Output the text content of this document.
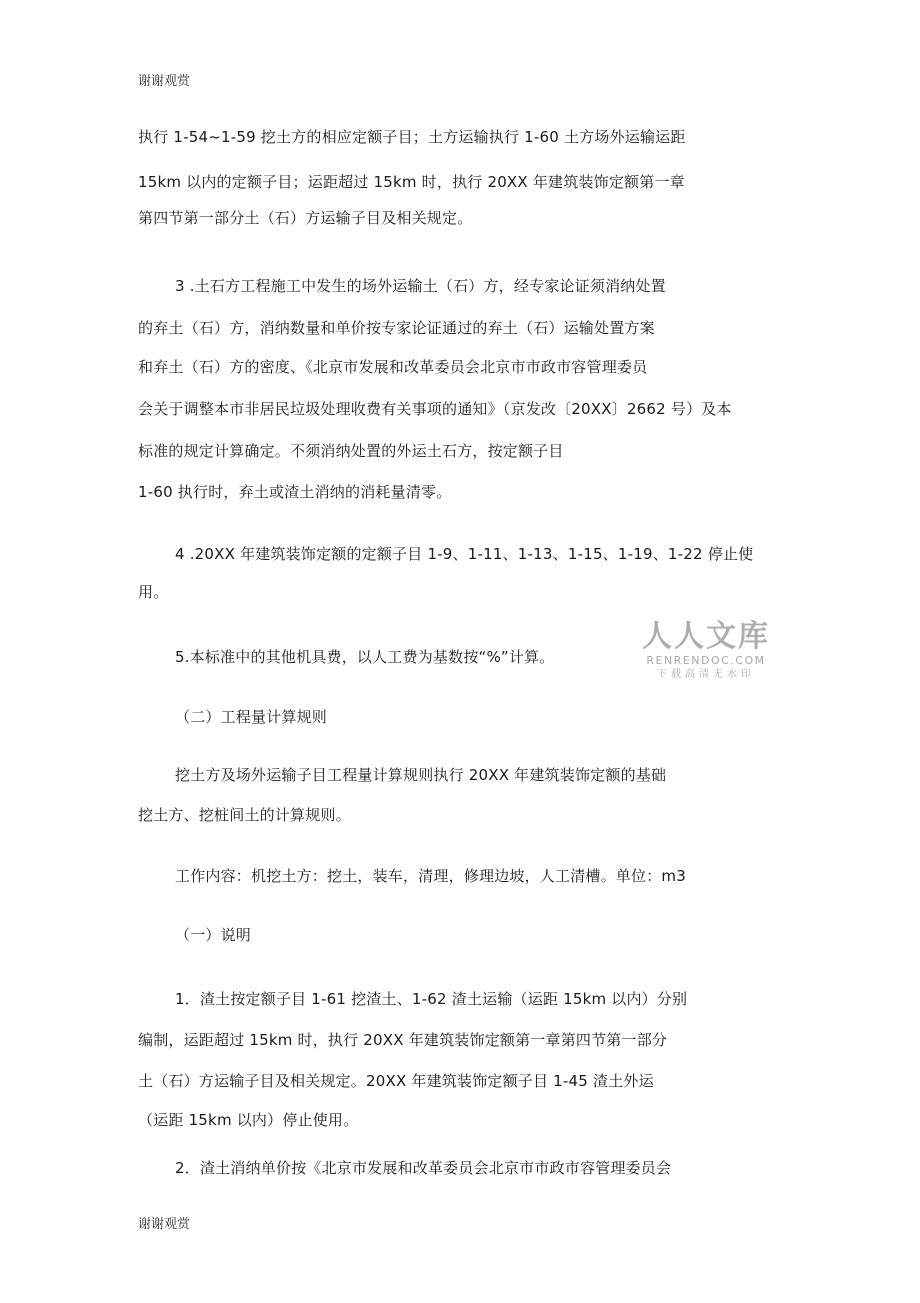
谢谢观赏
执行 1-54~1-59 挖土方的相应定额子目；土方运输执行 1-60 土方场外运输运距
15km 以内的定额子目；运距超过 15km 时，执行 20XX 年建筑装饰定额第一章
第四节第一部分土（石）方运输子目及相关规定。
3 .土石方工程施工中发生的场外运输土（石）方，经专家论证须消纳处置
的弃土（石）方，消纳数量和单价按专家论证通过的弃土（石）运输处置方案
和弃土（石）方的密度、《北京市发展和改革委员会北京市市政市容管理委员
会关于调整本市非居民垃圾处理收费有关事项的通知》（京发改〔20XX〕2662 号）及本
标准的规定计算确定。不须消纳处置的外运土石方，按定额子目
1-60 执行时，弃土或渣土消纳的消耗量清零。
4 .20XX 年建筑装饰定额的定额子目 1-9、1-11、1-13、1-15、1-19、1-22 停止使
用。
5.本标准中的其他机具费，以人工费为基数按“%”计算。
（二）工程量计算规则
挖土方及场外运输子目工程量计算规则执行 20XX 年建筑装饰定额的基础
挖土方、挖桩间土的计算规则。
工作内容：机挖土方：挖土，装车，清理，修理边坡，人工清槽。单位：m3
（一）说明
1．渣土按定额子目 1-61 挖渣土、1-62 渣土运输（运距 15km 以内）分别
编制，运距超过 15km 时，执行 20XX 年建筑装饰定额第一章第四节第一部分
土（石）方运输子目及相关规定。20XX 年建筑装饰定额子目 1-45 渣土外运
（运距 15km 以内）停止使用。
2．渣土消纳单价按《北京市发展和改革委员会北京市市政市容管理委员会
人人文库
RENRENDOC.COM
下载高清无水印
谢谢观赏
